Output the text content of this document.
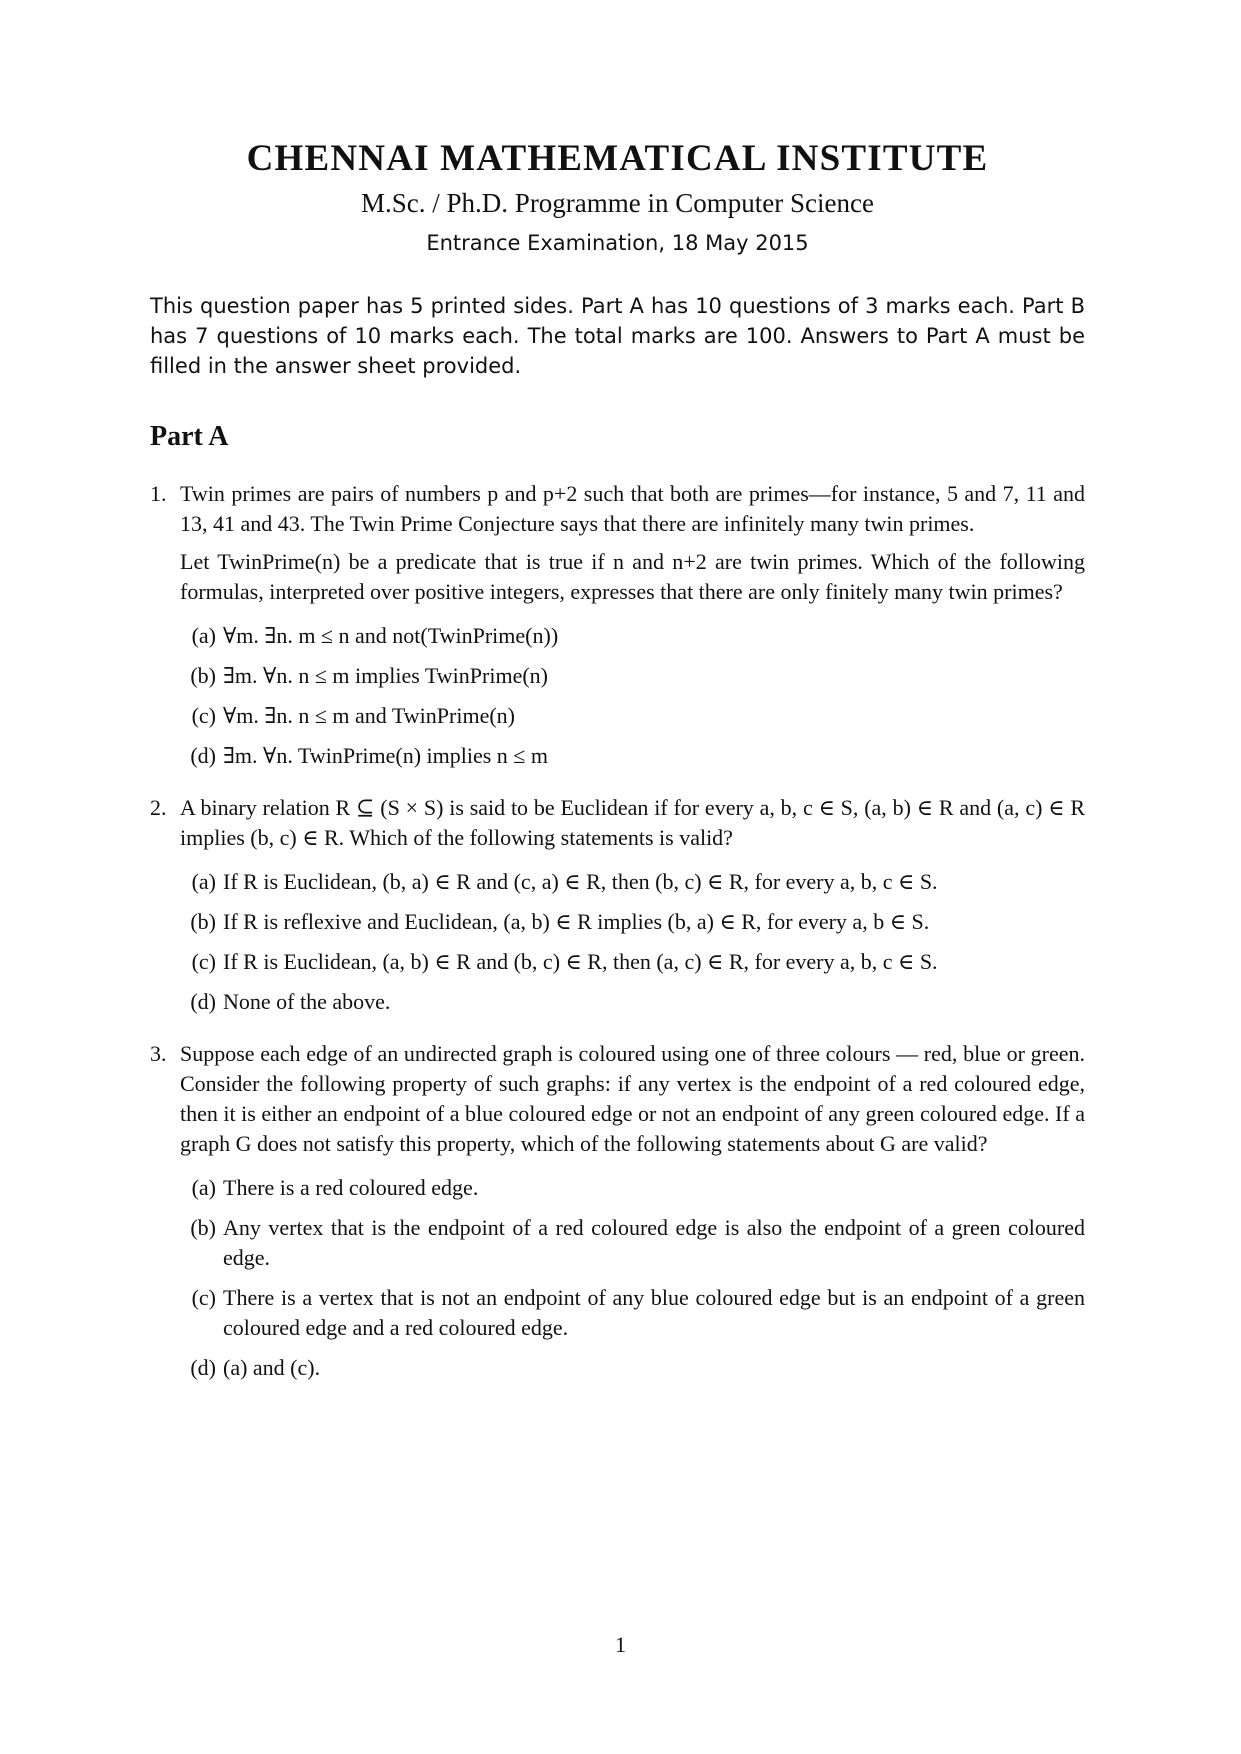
CHENNAI MATHEMATICAL INSTITUTE

M.Sc. / Ph.D. Programme in Computer Science

Entrance Examination, 18 May 2015

This question paper has 5 printed sides. Part A has 10 questions of 3 marks each. Part B has 7 questions of 10 marks each. The total marks are 100. Answers to Part A must be filled in the answer sheet provided.

Part A
1. Twin primes are pairs of numbers p and p+2 such that both are primes—for instance, 5 and 7, 11 and 13, 41 and 43. The Twin Prime Conjecture says that there are infinitely many twin primes.

Let TwinPrime(n) be a predicate that is true if n and n+2 are twin primes. Which of the following formulas, interpreted over positive integers, expresses that there are only finitely many twin primes?

(a) ∀m. ∃n. m ≤ n and not(TwinPrime(n))
(b) ∃m. ∀n. n ≤ m implies TwinPrime(n)
(c) ∀m. ∃n. n ≤ m and TwinPrime(n)
(d) ∃m. ∀n. TwinPrime(n) implies n ≤ m
2. A binary relation R ⊆ (S × S) is said to be Euclidean if for every a, b, c ∈ S, (a, b) ∈ R and (a, c) ∈ R implies (b, c) ∈ R. Which of the following statements is valid?

(a) If R is Euclidean, (b, a) ∈ R and (c, a) ∈ R, then (b, c) ∈ R, for every a, b, c ∈ S.
(b) If R is reflexive and Euclidean, (a, b) ∈ R implies (b, a) ∈ R, for every a, b ∈ S.
(c) If R is Euclidean, (a, b) ∈ R and (b, c) ∈ R, then (a, c) ∈ R, for every a, b, c ∈ S.
(d) None of the above.
3. Suppose each edge of an undirected graph is coloured using one of three colours — red, blue or green. Consider the following property of such graphs: if any vertex is the endpoint of a red coloured edge, then it is either an endpoint of a blue coloured edge or not an endpoint of any green coloured edge. If a graph G does not satisfy this property, which of the following statements about G are valid?

(a) There is a red coloured edge.
(b) Any vertex that is the endpoint of a red coloured edge is also the endpoint of a green coloured edge.
(c) There is a vertex that is not an endpoint of any blue coloured edge but is an endpoint of a green coloured edge and a red coloured edge.
(d) (a) and (c).
1
